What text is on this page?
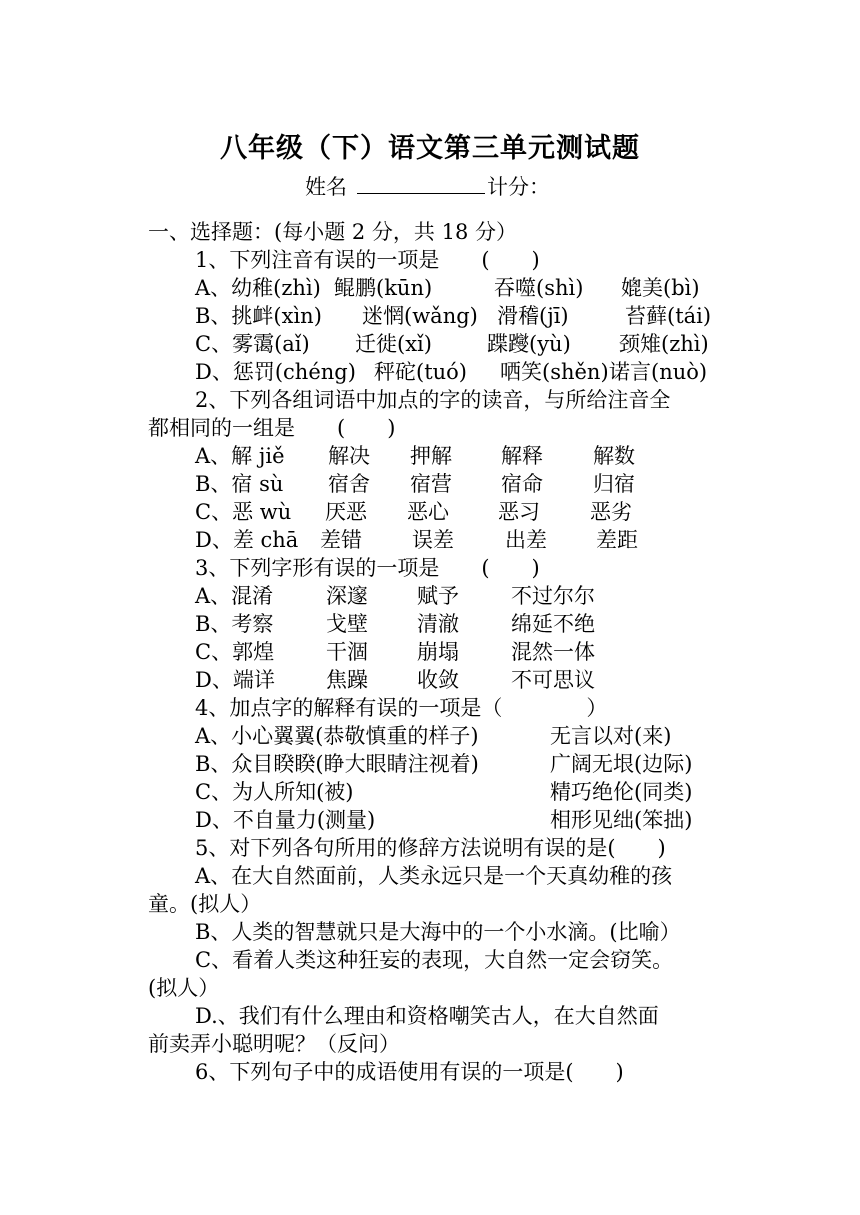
八年级（下）语文第三单元测试题
姓名	计分：
一、选择题：(每小题 2 分，共 18 分）
1、下列注音有误的一项是　　(　　)
A、幼稚(zhì) 鲲鹏(kūn)	吞噬(shì) 媲美(bì)
B、挑衅(xìn) 迷惘(wǎng) 滑稽(jī)	苔藓(tái)
C、雾霭(aǐ) 迁徙(xǐ)	蹀躞(yù) 颈雉(zhì)
D、惩罚(chéng) 秤砣(tuó) 哂笑(shěn) 诺言(nuò)
2、下列各组词语中加点的字的读音，与所给注音全
都相同的一组是　　(　　)
A、解 jiě 解决 押解 解释 解数
B、宿 sù 宿舍 宿营 宿命 归宿
C、恶 wù 厌恶 恶心 恶习 恶劣
D、差 chā 差错 误差 出差 差距
3、下列字形有误的一项是　　(　　)
A、混淆	深邃 赋予 不过尔尔
B、考察	戈壁 清澈 绵延不绝
C、郭煌 干涸 崩塌 混然一体
D、端详 焦躁 收敛 不可思议
4、加点字的解释有误的一项是（　　　　）
A、小心翼翼(恭敬慎重的样子)	无言以对(来)
B、众目睽睽(睁大眼睛注视着)	广阔无垠(边际)
C、为人所知(被)	精巧绝伦(同类)
D、不自量力(测量)	相形见绌(笨拙)
5、对下列各句所用的修辞方法说明有误的是(　　)
A、在大自然面前，人类永远只是一个天真幼稚的孩
童。(拟人）
B、人类的智慧就只是大海中的一个小水滴。(比喻）
C、看着人类这种狂妄的表现，大自然一定会窃笑。
(拟人）
D.、我们有什么理由和资格嘲笑古人，在大自然面
前卖弄小聪明呢？（反问）
6、下列句子中的成语使用有误的一项是(　　)
